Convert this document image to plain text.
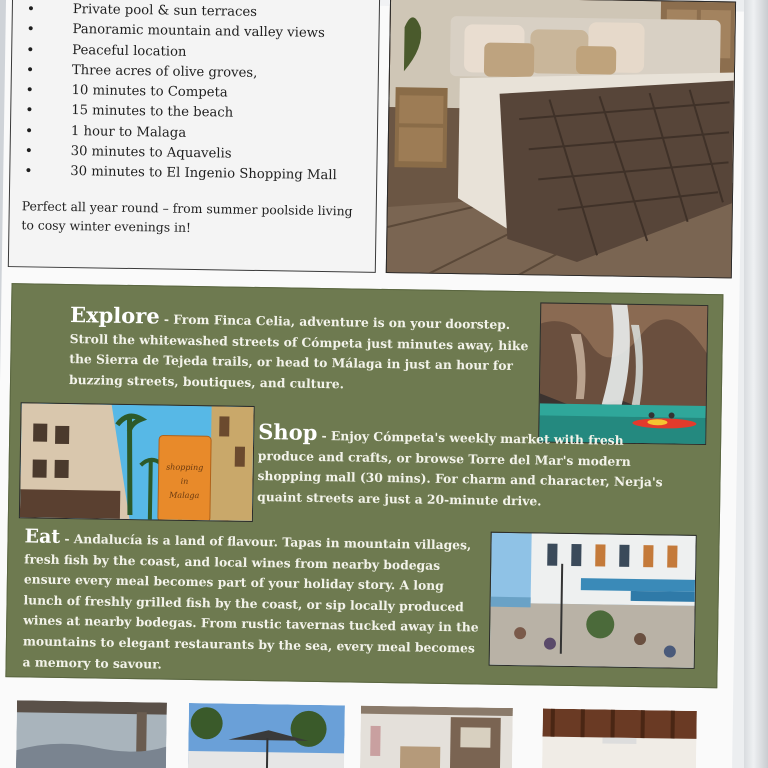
• Private pool & sun terraces
• Panoramic mountain and valley views
• Peaceful location
• Three acres of olive groves,
• 10 minutes to Competa
• 15 minutes to the beach
• 1 hour to Malaga
• 30 minutes to Aquavelis
• 30 minutes to El Ingenio Shopping Mall

Perfect all year round – from summer poolside living to cosy winter evenings in!

Explore - From Finca Celia, adventure is on your doorstep. Stroll the whitewashed streets of Cómpeta just minutes away, hike the Sierra de Tejeda trails, or head to Málaga in just an hour for buzzing streets, boutiques, and culture.

shopping
in
Malaga

Shop - Enjoy Cómpeta's weekly market with fresh produce and crafts, or browse Torre del Mar's modern shopping mall (30 mins). For charm and character, Nerja's quaint streets are just a 20-minute drive.

Eat - Andalucía is a land of flavour. Tapas in mountain villages, fresh fish by the coast, and local wines from nearby bodegas ensure every meal becomes part of your holiday story. A long lunch of freshly grilled fish by the coast, or sip locally produced wines at nearby bodegas. From rustic tavernas tucked away in the mountains to elegant restaurants by the sea, every meal becomes a memory to savour.
